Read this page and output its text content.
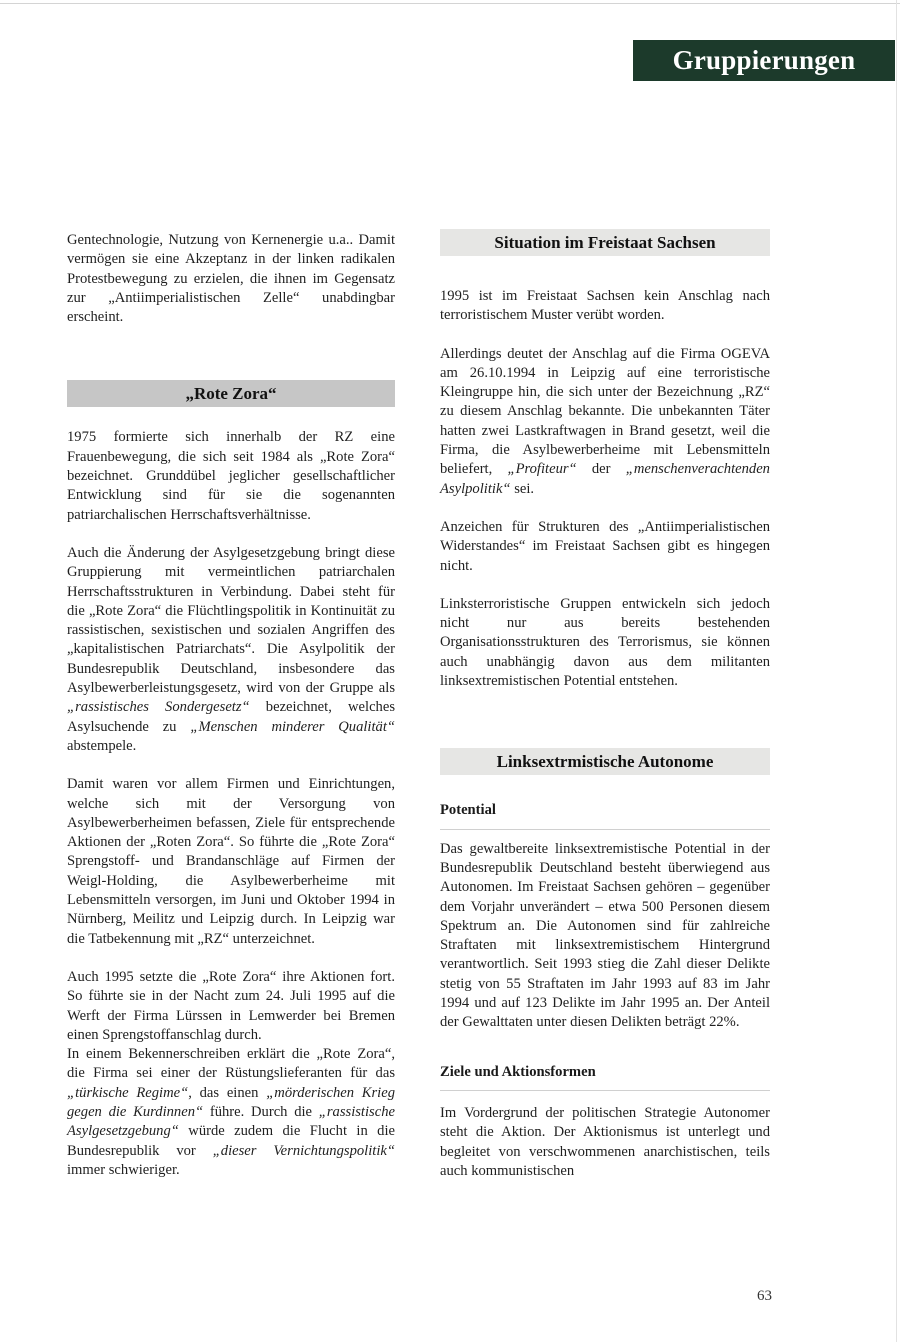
Gruppierungen

Gentechnologie, Nutzung von Kernenergie u.a.. Damit vermögen sie eine Akzeptanz in der linken radikalen Protestbewegung zu erzielen, die ihnen im Gegensatz zur „Antiimperialistischen Zelle“ unabdingbar erscheint.

„Rote Zora“

1975 formierte sich innerhalb der RZ eine Frauenbewegung, die sich seit 1984 als „Rote Zora“ bezeichnet. Grunddübel jeglicher gesellschaftlicher Entwicklung sind für sie die sogenannten patriarchalischen Herrschaftsverhältnisse.

Auch die Änderung der Asylgesetzgebung bringt diese Gruppierung mit vermeintlichen patriarchalen Herrschaftsstrukturen in Verbindung. Dabei steht für die „Rote Zora“ die Flüchtlingspolitik in Kontinuität zu rassistischen, sexistischen und sozialen Angriffen des „kapitalistischen Patriarchats“. Die Asylpolitik der Bundesrepublik Deutschland, insbesondere das Asylbewerberleistungsgesetz, wird von der Gruppe als „rassistisches Sondergesetz“ bezeichnet, welches Asylsuchende zu „Menschen minderer Qualität“ abstempele.

Damit waren vor allem Firmen und Einrichtungen, welche sich mit der Versorgung von Asylbewerberheimen befassen, Ziele für entsprechende Aktionen der „Roten Zora“. So führte die „Rote Zora“ Sprengstoff- und Brandanschläge auf Firmen der Weigl-Holding, die Asylbewerberheime mit Lebensmitteln versorgen, im Juni und Oktober 1994 in Nürnberg, Meilitz und Leipzig durch. In Leipzig war die Tatbekennung mit „RZ“ unterzeichnet.

Auch 1995 setzte die „Rote Zora“ ihre Aktionen fort. So führte sie in der Nacht zum 24. Juli 1995 auf die Werft der Firma Lürssen in Lemwerder bei Bremen einen Sprengstoffanschlag durch.
In einem Bekennerschreiben erklärt die „Rote Zora“, die Firma sei einer der Rüstungslieferanten für das „türkische Regime“, das einen „mörderischen Krieg gegen die Kurdinnen“ führe. Durch die „rassistische Asylgesetzgebung“ würde zudem die Flucht in die Bundesrepublik vor „dieser Vernichtungspolitik“ immer schwieriger.

Situation im Freistaat Sachsen

1995 ist im Freistaat Sachsen kein Anschlag nach terroristischem Muster verübt worden.

Allerdings deutet der Anschlag auf die Firma OGEVA am 26.10.1994 in Leipzig auf eine terroristische Kleingruppe hin, die sich unter der Bezeichnung „RZ“ zu diesem Anschlag bekannte. Die unbekannten Täter hatten zwei Lastkraftwagen in Brand gesetzt, weil die Firma, die Asylbewerberheime mit Lebensmitteln beliefert, „Profiteur“ der „menschenverachtenden Asylpolitik“ sei.

Anzeichen für Strukturen des „Antiimperialistischen Widerstandes“ im Freistaat Sachsen gibt es hingegen nicht.

Linksterroristische Gruppen entwickeln sich jedoch nicht nur aus bereits bestehenden Organisationsstrukturen des Terrorismus, sie können auch unabhängig davon aus dem militanten linksextremistischen Potential entstehen.

Linksextrmistische Autonome
Potential

Das gewaltbereite linksextremistische Potential in der Bundesrepublik Deutschland besteht überwiegend aus Autonomen. Im Freistaat Sachsen gehören – gegenüber dem Vorjahr unverändert – etwa 500 Personen diesem Spektrum an. Die Autonomen sind für zahlreiche Straftaten mit linksextremistischem Hintergrund verantwortlich. Seit 1993 stieg die Zahl dieser Delikte stetig von 55 Straftaten im Jahr 1993 auf 83 im Jahr 1994 und auf 123 Delikte im Jahr 1995 an. Der Anteil der Gewalttaten unter diesen Delikten beträgt 22%.

Ziele und Aktionsformen

Im Vordergrund der politischen Strategie Autonomer steht die Aktion. Der Aktionismus ist unterlegt und begleitet von verschwommenen anarchistischen, teils auch kommunistischen

63
